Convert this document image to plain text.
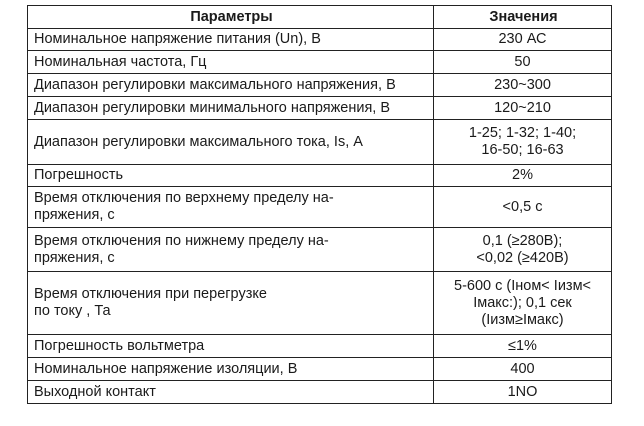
Параметры	Значения

Номинальное напряжение питания (Un), В	230 АС

Номинальная частота, Гц	50

Диапазон регулировки максимального напряжения, В	230~300

Диапазон регулировки минимального напряжения, В	120~210

Диапазон регулировки максимального тока, Is, А	1-25; 1-32; 1-40;
16-50; 16-63

Погрешность	2%

Время отключения по верхнему пределу на-
пряжения, с	<0,5 с

Время отключения по нижнему пределу на-
пряжения, с	0,1 (≥280В);
<0,02 (≥420В)

Время отключения при перегрузке
по току , Та	5-600 с (Iном< Iизм<
Iмакс:); 0,1 сек
(Iизм≥Iмакс)

Погрешность вольтметра	≤1%

Номинальное напряжение изоляции, В	400

Выходной контакт	1NO
